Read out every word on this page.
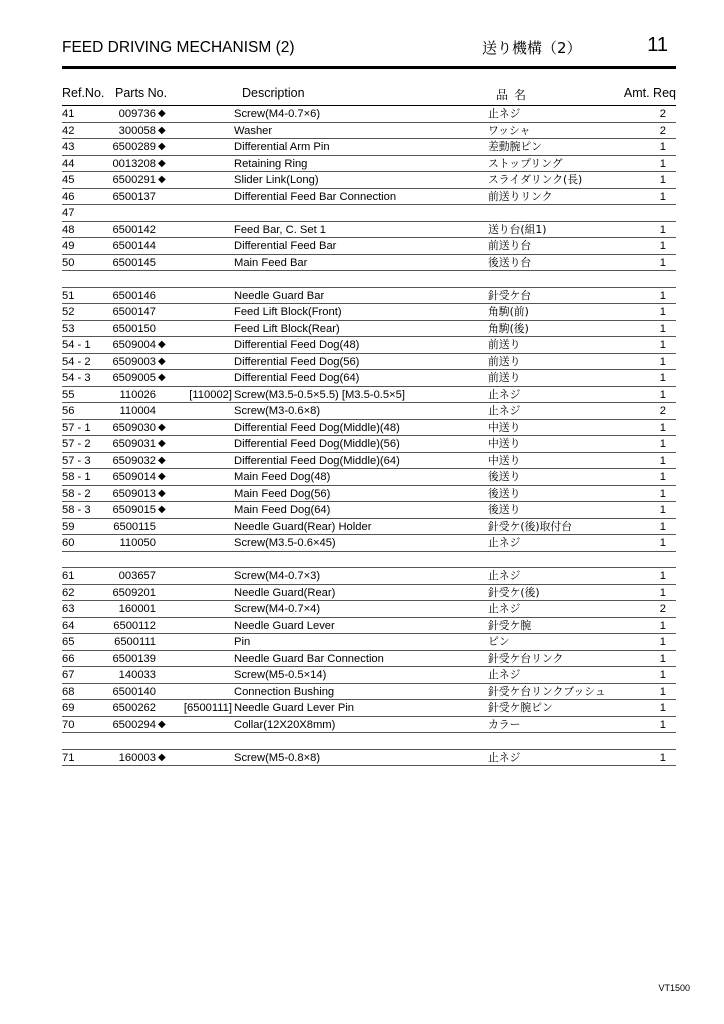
FEED DRIVING MECHANISM (2)	送り機構（2）	11
Ref.No. Parts No.	Description	品名	Amt. Req
41	009736 ◆	Screw(M4-0.7×6)	止ネジ	2
42	300058 ◆	Washer	ワッシャ	2
43	6500289 ◆	Differential Arm Pin	差動腕ピン	1
44	0013208 ◆	Retaining Ring	ストップリング	1
45	6500291 ◆	Slider Link(Long)	スライダリンク(長)	1
46	6500137	Differential Feed Bar Connection	前送りリンク	1
47
48	6500142	Feed Bar, C. Set 1	送り台(組1)	1
49	6500144	Differential Feed Bar	前送り台	1
50	6500145	Main Feed Bar	後送り台	1
51	6500146	Needle Guard Bar	針受ケ台	1
52	6500147	Feed Lift Block(Front)	角駒(前)	1
53	6500150	Feed Lift Block(Rear)	角駒(後)	1
54 - 1	6509004 ◆	Differential Feed Dog(48)	前送り	1
54 - 2	6509003 ◆	Differential Feed Dog(56)	前送り	1
54 - 3	6509005 ◆	Differential Feed Dog(64)	前送り	1
55	110026	[110002] Screw(M3.5-0.5×5.5) [M3.5-0.5×5]	止ネジ	1
56	110004	Screw(M3-0.6×8)	止ネジ	2
57 - 1	6509030 ◆	Differential Feed Dog(Middle)(48)	中送り	1
57 - 2	6509031 ◆	Differential Feed Dog(Middle)(56)	中送り	1
57 - 3	6509032 ◆	Differential Feed Dog(Middle)(64)	中送り	1
58 - 1	6509014 ◆	Main Feed Dog(48)	後送り	1
58 - 2	6509013 ◆	Main Feed Dog(56)	後送り	1
58 - 3	6509015 ◆	Main Feed Dog(64)	後送り	1
59	6500115	Needle Guard(Rear) Holder	針受ケ(後)取付台	1
60	110050	Screw(M3.5-0.6×45)	止ネジ	1
61	003657	Screw(M4-0.7×3)	止ネジ	1
62	6509201	Needle Guard(Rear)	針受ケ(後)	1
63	160001	Screw(M4-0.7×4)	止ネジ	2
64	6500112	Needle Guard Lever	針受ケ腕	1
65	6500111	Pin	ピン	1
66	6500139	Needle Guard Bar Connection	針受ケ台リンク	1
67	140033	Screw(M5-0.5×14)	止ネジ	1
68	6500140	Connection Bushing	針受ケ台リンクブッシュ	1
69	6500262	[6500111] Needle Guard Lever Pin	針受ケ腕ピン	1
70	6500294 ◆	Collar(12X20X8mm)	カラー	1
71	160003 ◆	Screw(M5-0.8×8)	止ネジ	1
VT1500
